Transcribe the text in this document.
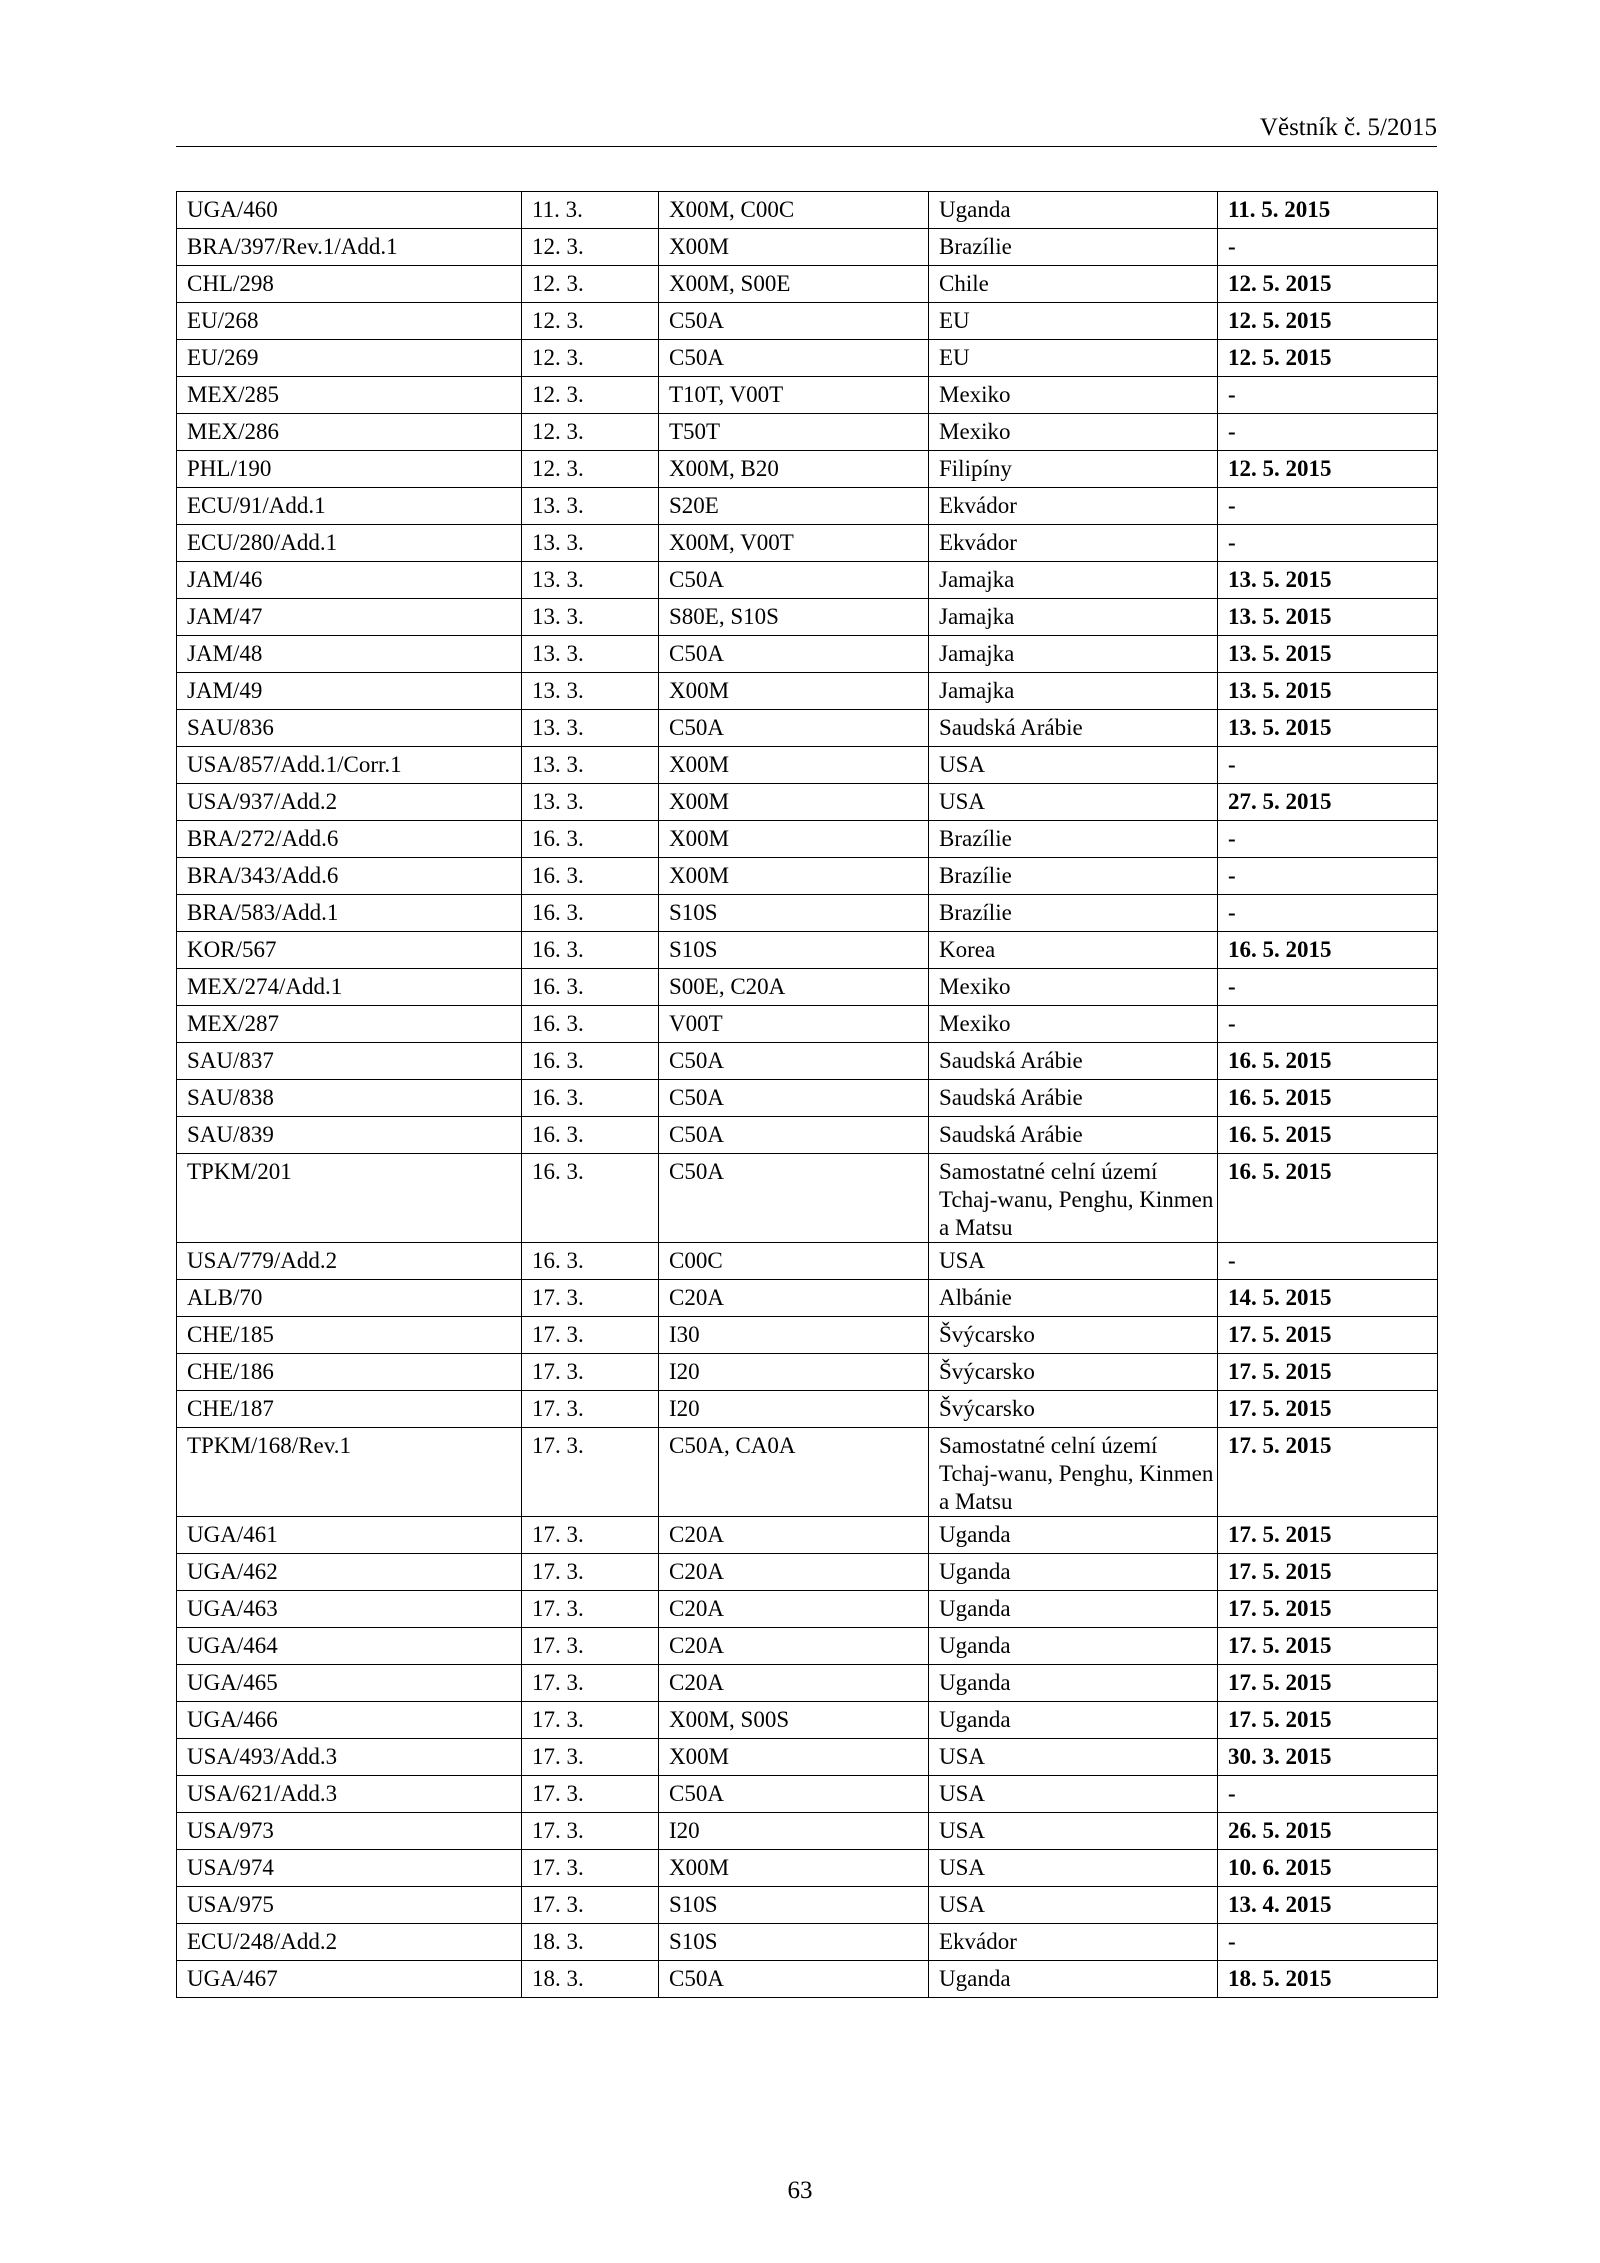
Věstník č. 5/2015
UGA/460	11. 3.	X00M, C00C	Uganda	11. 5. 2015
BRA/397/Rev.1/Add.1	12. 3.	X00M	Brazílie	-
CHL/298	12. 3.	X00M, S00E	Chile	12. 5. 2015
EU/268	12. 3.	C50A	EU	12. 5. 2015
EU/269	12. 3.	C50A	EU	12. 5. 2015
MEX/285	12. 3.	T10T, V00T	Mexiko	-
MEX/286	12. 3.	T50T	Mexiko	-
PHL/190	12. 3.	X00M, B20	Filipíny	12. 5. 2015
ECU/91/Add.1	13. 3.	S20E	Ekvádor	-
ECU/280/Add.1	13. 3.	X00M, V00T	Ekvádor	-
JAM/46	13. 3.	C50A	Jamajka	13. 5. 2015
JAM/47	13. 3.	S80E, S10S	Jamajka	13. 5. 2015
JAM/48	13. 3.	C50A	Jamajka	13. 5. 2015
JAM/49	13. 3.	X00M	Jamajka	13. 5. 2015
SAU/836	13. 3.	C50A	Saudská Arábie	13. 5. 2015
USA/857/Add.1/Corr.1	13. 3.	X00M	USA	-
USA/937/Add.2	13. 3.	X00M	USA	27. 5. 2015
BRA/272/Add.6	16. 3.	X00M	Brazílie	-
BRA/343/Add.6	16. 3.	X00M	Brazílie	-
BRA/583/Add.1	16. 3.	S10S	Brazílie	-
KOR/567	16. 3.	S10S	Korea	16. 5. 2015
MEX/274/Add.1	16. 3.	S00E, C20A	Mexiko	-
MEX/287	16. 3.	V00T	Mexiko	-
SAU/837	16. 3.	C50A	Saudská Arábie	16. 5. 2015
SAU/838	16. 3.	C50A	Saudská Arábie	16. 5. 2015
SAU/839	16. 3.	C50A	Saudská Arábie	16. 5. 2015
TPKM/201	16. 3.	C50A	Samostatné celní území Tchaj-wanu, Penghu, Kinmen a Matsu	16. 5. 2015
USA/779/Add.2	16. 3.	C00C	USA	-
ALB/70	17. 3.	C20A	Albánie	14. 5. 2015
CHE/185	17. 3.	I30	Švýcarsko	17. 5. 2015
CHE/186	17. 3.	I20	Švýcarsko	17. 5. 2015
CHE/187	17. 3.	I20	Švýcarsko	17. 5. 2015
TPKM/168/Rev.1	17. 3.	C50A, CA0A	Samostatné celní území Tchaj-wanu, Penghu, Kinmen a Matsu	17. 5. 2015
UGA/461	17. 3.	C20A	Uganda	17. 5. 2015
UGA/462	17. 3.	C20A	Uganda	17. 5. 2015
UGA/463	17. 3.	C20A	Uganda	17. 5. 2015
UGA/464	17. 3.	C20A	Uganda	17. 5. 2015
UGA/465	17. 3.	C20A	Uganda	17. 5. 2015
UGA/466	17. 3.	X00M, S00S	Uganda	17. 5. 2015
USA/493/Add.3	17. 3.	X00M	USA	30. 3. 2015
USA/621/Add.3	17. 3.	C50A	USA	-
USA/973	17. 3.	I20	USA	26. 5. 2015
USA/974	17. 3.	X00M	USA	10. 6. 2015
USA/975	17. 3.	S10S	USA	13. 4. 2015
ECU/248/Add.2	18. 3.	S10S	Ekvádor	-
UGA/467	18. 3.	C50A	Uganda	18. 5. 2015
63
